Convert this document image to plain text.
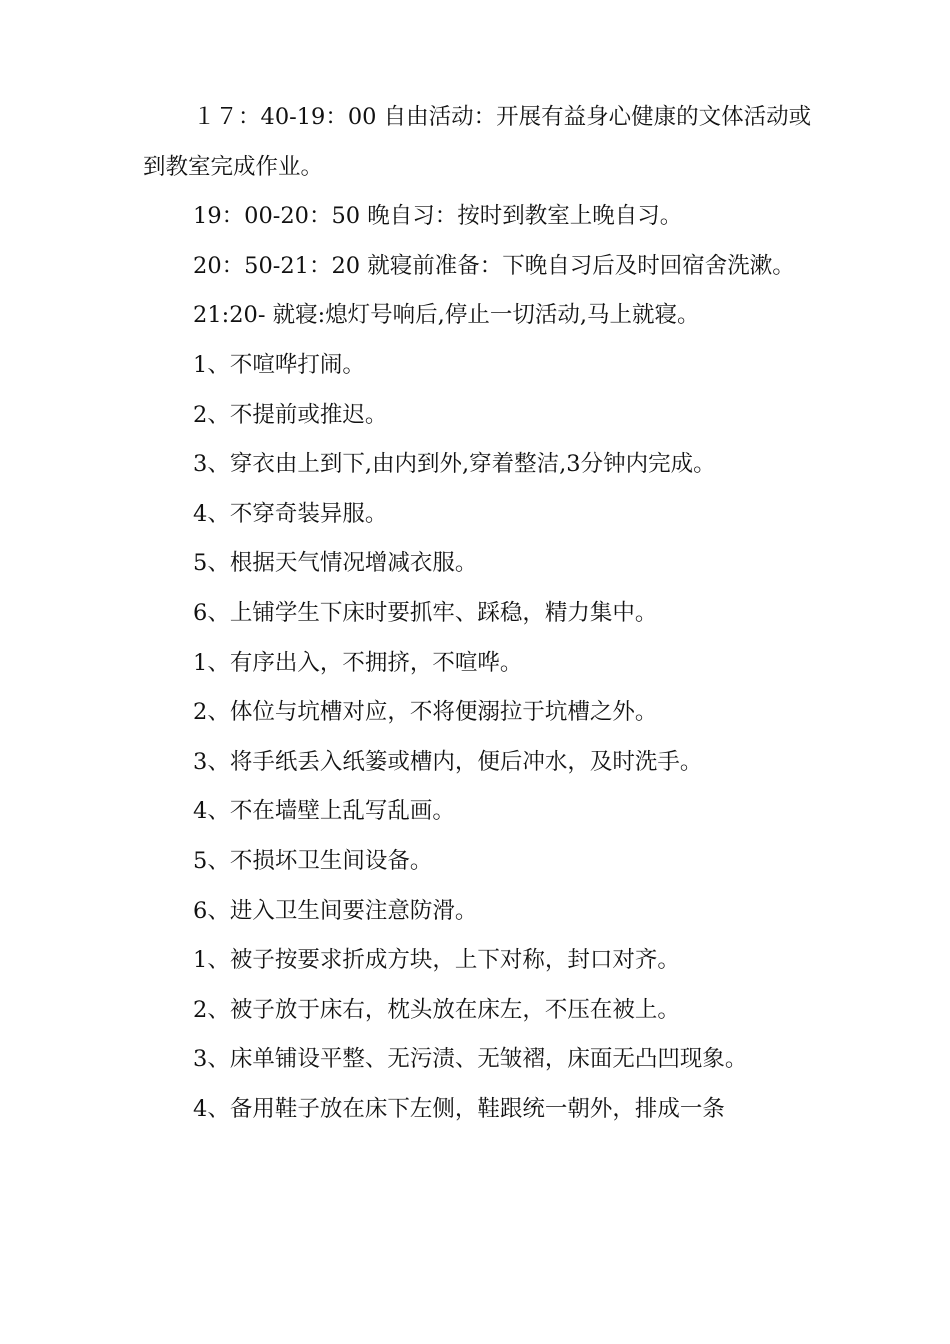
１７：40-19：00 自由活动：开展有益身心健康的文体活动或到教室完成作业。

19：00-20：50 晚自习：按时到教室上晚自习。

20：50-21：20 就寝前准备：下晚自习后及时回宿舍洗漱。

21:20- 就寝:熄灯号响后,停止一切活动,马上就寝。

1、不喧哗打闹。

2、不提前或推迟。

3、穿衣由上到下,由内到外,穿着整洁,3分钟内完成。

4、不穿奇装异服。

5、根据天气情况增减衣服。

6、上铺学生下床时要抓牢、踩稳，精力集中。

1、有序出入，不拥挤，不喧哗。

2、体位与坑槽对应，不将便溺拉于坑槽之外。

3、将手纸丢入纸篓或槽内，便后冲水，及时洗手。

4、不在墙壁上乱写乱画。

5、不损坏卫生间设备。

6、进入卫生间要注意防滑。

1、被子按要求折成方块，上下对称，封口对齐。

2、被子放于床右，枕头放在床左，不压在被上。

3、床单铺设平整、无污渍、无皱褶，床面无凸凹现象。

4、备用鞋子放在床下左侧，鞋跟统一朝外，排成一条
